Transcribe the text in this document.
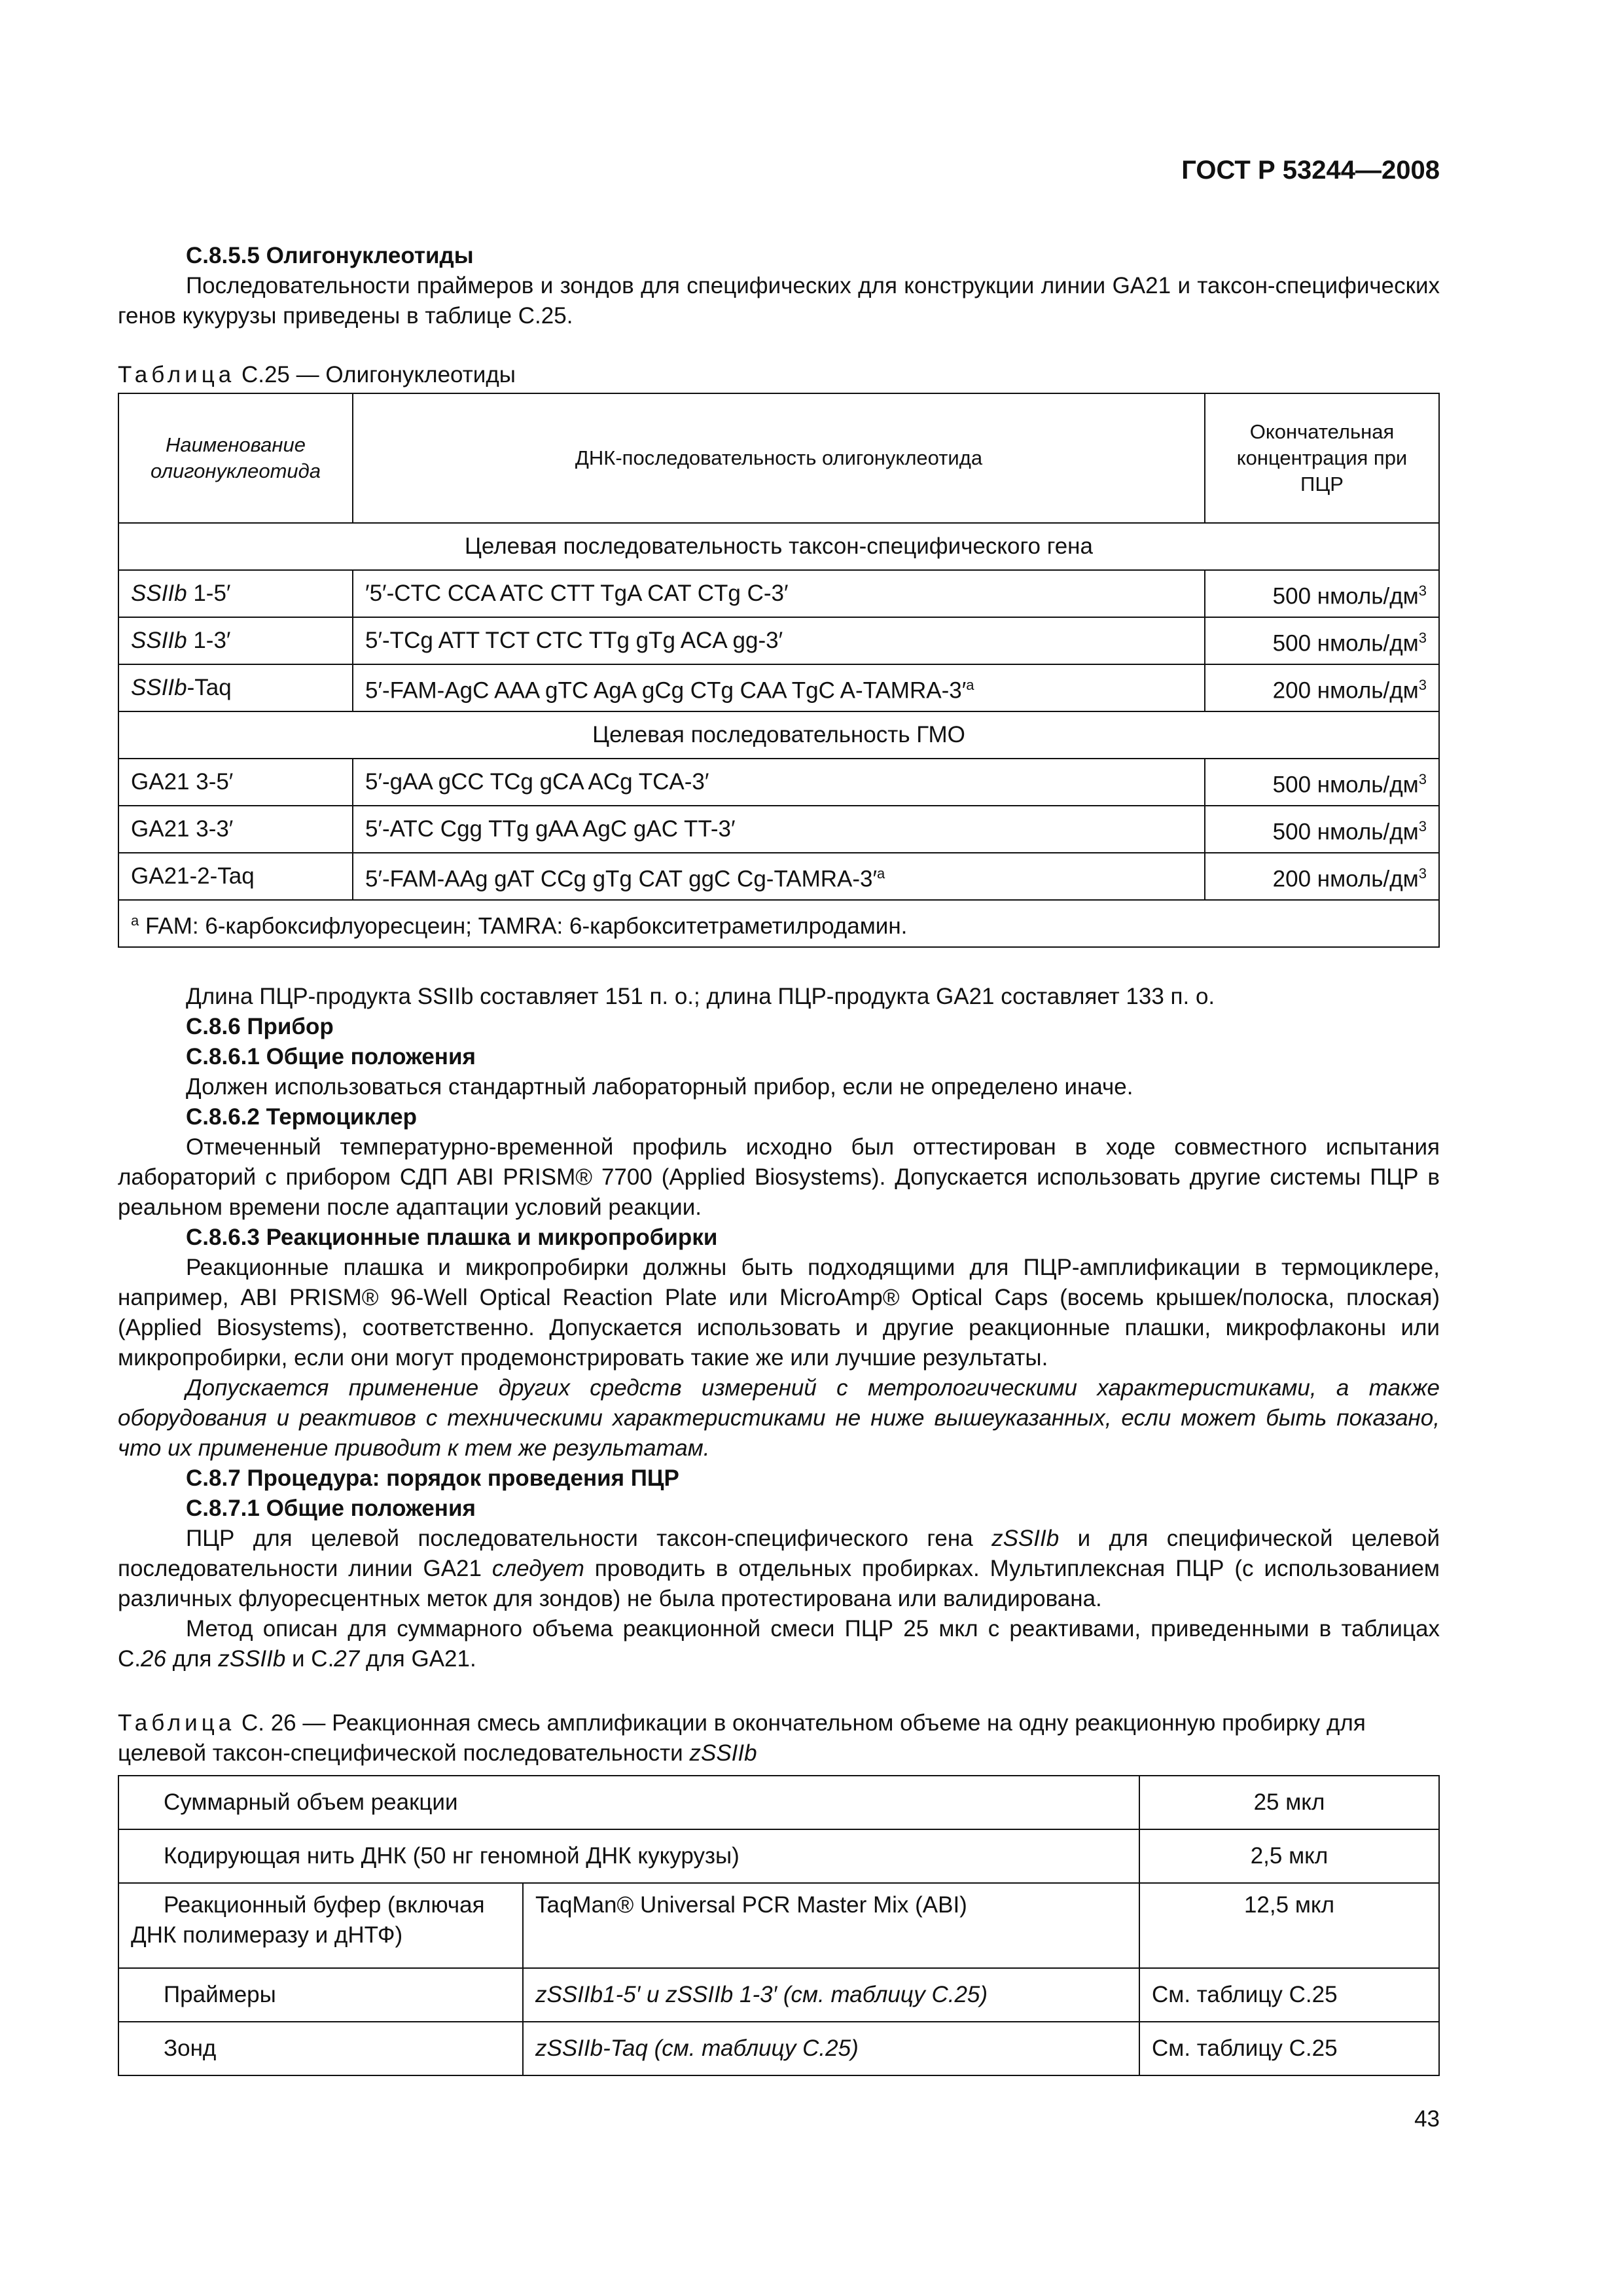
ГОСТ Р 53244—2008

С.8.5.5 Олигонуклеотиды

Последовательности праймеров и зондов для специфических для конструкции линии GA21 и таксон-специфических генов кукурузы приведены в таблице С.25.

Таблица С.25 — Олигонуклеотиды
Наименование олигонуклеотида	ДНК-последовательность олигонуклеотида	Окончательная концентрация при ПЦР
Целевая последовательность таксон-специфического гена		
SSIIb 1-5′	′5′-CTC CCA ATC CTT TgA CAT CTg C-3′	500 нмоль/$дм^3$
SSIIb 1-3′	5′-TCg ATT TCT CTC TTg gTg ACA gg-3′	500 нмоль/$дм^3$
SSIIb-Taq	5′-FAM-AgC AAA gTC AgA gCg CTg CAA TgC $A-TAMRA-3'^a$	200 нмоль/$дм^3$
Целевая последовательность ГМО		
GA21 3-5′	5′-gAA gCC TCg gCA ACg TCA-3′	500 нмоль/$дм^3$
GA21 3-3′	5′-ATC Cgg TTg gAA AgC gAC TT-3′	500 нмоль/$дм^3$
GA21-2-Taq	5′-FAM-AAg gAT CCg gTg CAT ggC $Cg-TAMRA-3'^a$	200 нмоль/$дм^3$
$^а$ FAM: 6-карбоксифлуоресцеин; TAMRA: 6-карбокситетраметилродамин.		

Длина ПЦР-продукта SSIIb составляет 151 п. о.; длина ПЦР-продукта GA21 составляет 133 п. о.

С.8.6 Прибор

С.8.6.1 Общие положения

Должен использоваться стандартный лабораторный прибор, если не определено иначе.

С.8.6.2 Термоциклер

Отмеченный температурно-временной профиль исходно был оттестирован в ходе совместного испытания лабораторий с прибором СДП ABI PRISM® 7700 (Applied Biosystems). Допускается использовать другие системы ПЦР в реальном времени после адаптации условий реакции.

С.8.6.3 Реакционные плашка и микропробирки

Реакционные плашка и микропробирки должны быть подходящими для ПЦР-амплификации в термоциклере, например, ABI PRISM® 96-Well Optical Reaction Plate или MicroAmp® Optical Caps (восемь крышек/полоска, плоская) (Applied Biosystems), соответственно. Допускается использовать и другие реакционные плашки, микрофлаконы или микропробирки, если они могут продемонстрировать такие же или лучшие результаты.

Допускается применение других средств измерений с метрологическими характеристиками, а также оборудования и реактивов с техническими характеристиками не ниже вышеуказанных, если может быть показано, что их применение приводит к тем же результатам.

С.8.7 Процедура: порядок проведения ПЦР

С.8.7.1 Общие положения

ПЦР для целевой последовательности таксон-специфического гена zSSIIb и для специфической целевой последовательности линии GA21 следует проводить в отдельных пробирках. Мультиплексная ПЦР (с использованием различных флуоресцентных меток для зондов) не была протестирована или валидирована.

Метод описан для суммарного объема реакционной смеси ПЦР 25 мкл с реактивами, приведенными в таблицах С.26 для zSSIIb и С.27 для GA21.

Таблица С. 26 — Реакционная смесь амплификации в окончательном объеме на одну реакционную пробирку для целевой таксон-специфической последовательности zSSIIb
Суммарный объем реакции		25 мкл
Кодирующая нить ДНК (50 нг геномной ДНК кукурузы)		2,5 мкл
Реакционный буфер (включая ДНК полимеразу и дНТФ)	TaqMan® Universal PCR Master Mix (ABI)	12,5 мкл
Праймеры	zSSIIb1-5′ и zSSIIb 1-3′ (см. таблицу С.25)	См. таблицу С.25
Зонд	zSSIIb-Taq (см. таблицу С.25)	См. таблицу С.25
43
